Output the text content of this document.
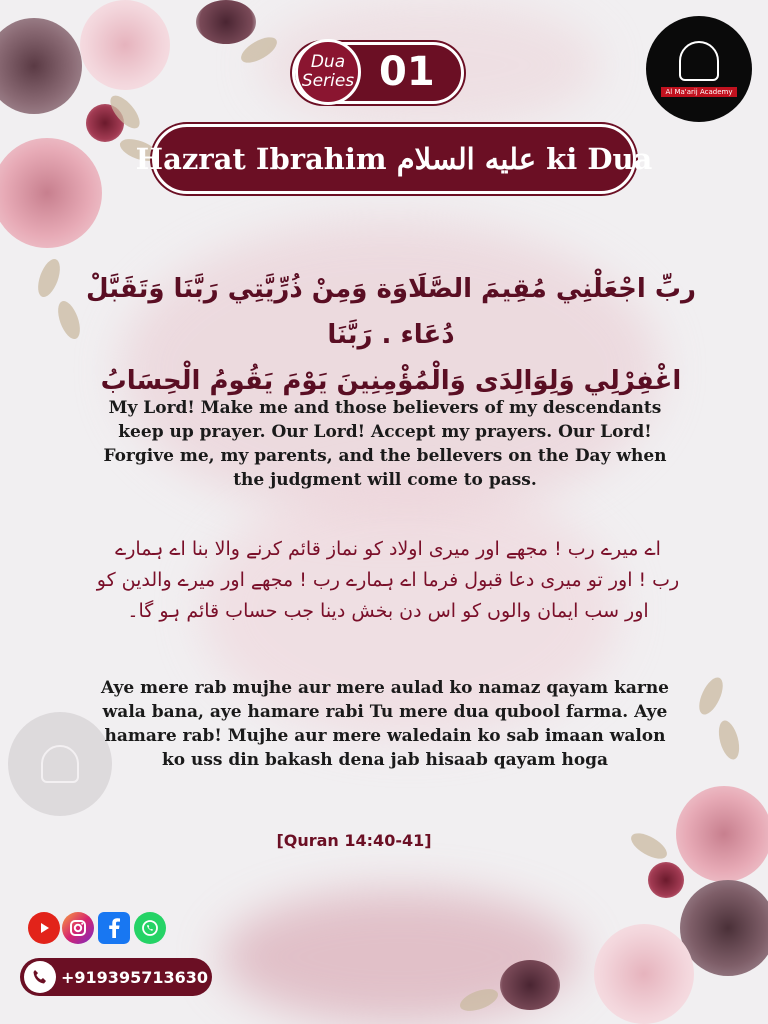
Dua
Series 01	Al Ma'arij Academy
Hazrat Ibrahim عليه السلام ki Dua
ربِّ اجْعَلْنِي مُقِيمَ الصَّلَاوَة وَمِنْ ذُرِّيَّتِي رَبَّنَا وَتَقَبَّلْ دُعَاء . رَبَّنَا
اغْفِرْلِي وَلِوَالِدَى وَالْمُؤْمِنِينَ يَوْمَ يَقُومُ الْحِسَابُ
My Lord! Make me and those believers of my descendants
keep up prayer. Our Lord! Accept my prayers. Our Lord!
Forgive me, my parents, and the bellevers on the Day when
the judgment will come to pass.
اے میرے رب ! مجھے اور میری اولاد کو نماز قائم کرنے والا بنا اے ہمارے
رب ! اور تو میری دعا قبول فرما اے ہمارے رب ! مجھے اور میرے والدین کو
اور سب ایمان والوں کو اس دن بخش دینا جب حساب قائم ہو گا۔
Aye mere rab mujhe aur mere aulad ko namaz qayam karne
wala bana, aye hamare rabi Tu mere dua qubool farma. Aye
hamare rab! Mujhe aur mere waledain ko sab imaan walon
ko uss din bakash dena jab hisaab qayam hoga
[Quran 14:40-41]
+919395713630
